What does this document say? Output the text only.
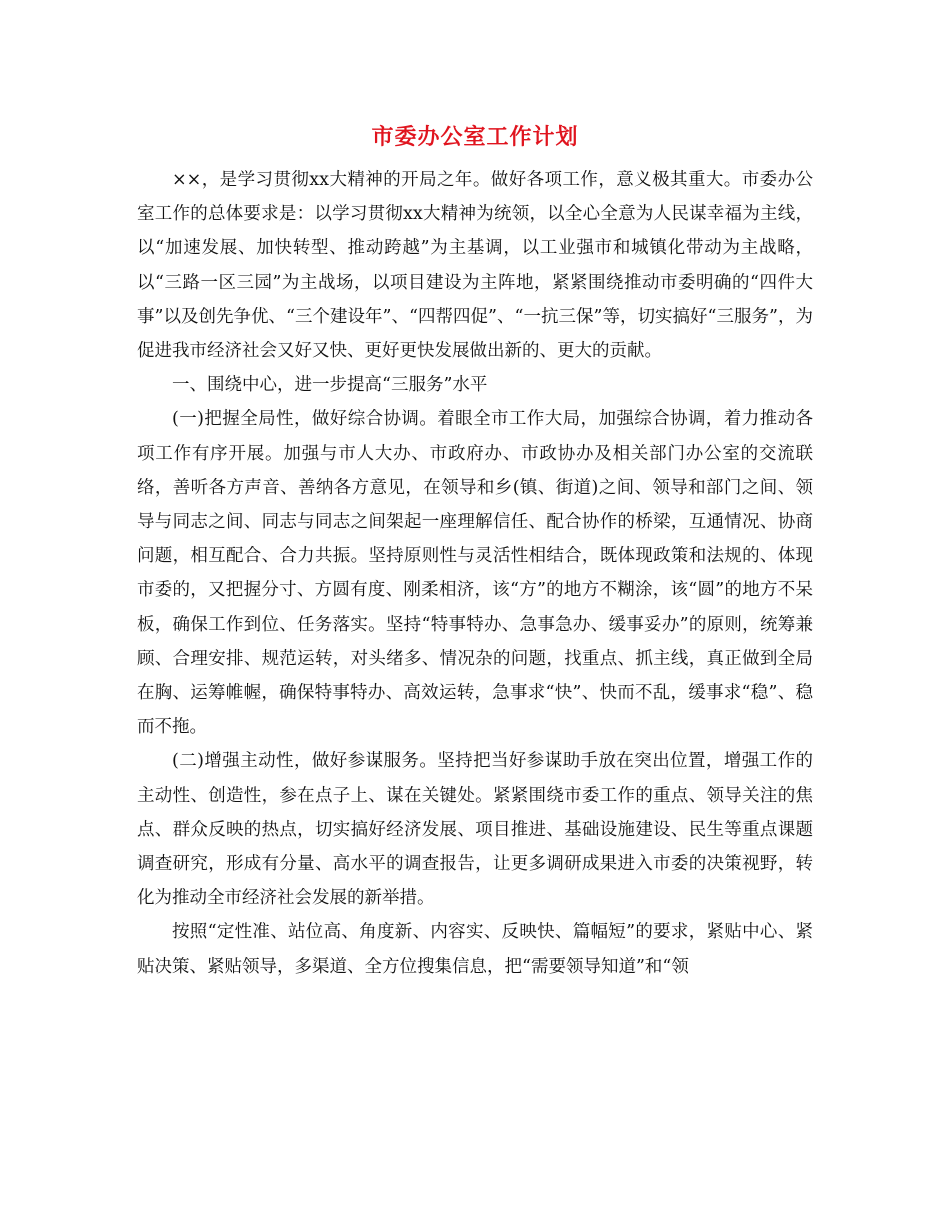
市委办公室工作计划

××，是学习贯彻xx大精神的开局之年。做好各项工作，意义极其重大。市委办公室工作的总体要求是：以学习贯彻xx大精神为统领，以全心全意为人民谋幸福为主线，以“加速发展、加快转型、推动跨越”为主基调，以工业强市和城镇化带动为主战略，以“三路一区三园”为主战场，以项目建设为主阵地，紧紧围绕推动市委明确的“四件大事”以及创先争优、“三个建设年”、“四帮四促”、“一抗三保”等，切实搞好“三服务”，为促进我市经济社会又好又快、更好更快发展做出新的、更大的贡献。

一、围绕中心，进一步提高“三服务”水平

(一)把握全局性，做好综合协调。着眼全市工作大局，加强综合协调，着力推动各项工作有序开展。加强与市人大办、市政府办、市政协办及相关部门办公室的交流联络，善听各方声音、善纳各方意见，在领导和乡(镇、街道)之间、领导和部门之间、领导与同志之间、同志与同志之间架起一座理解信任、配合协作的桥梁，互通情况、协商问题，相互配合、合力共振。坚持原则性与灵活性相结合，既体现政策和法规的、体现市委的，又把握分寸、方圆有度、刚柔相济，该“方”的地方不糊涂，该“圆”的地方不呆板，确保工作到位、任务落实。坚持“特事特办、急事急办、缓事妥办”的原则，统筹兼顾、合理安排、规范运转，对头绪多、情况杂的问题，找重点、抓主线，真正做到全局在胸、运筹帷幄，确保特事特办、高效运转，急事求“快”、快而不乱，缓事求“稳”、稳而不拖。

(二)增强主动性，做好参谋服务。坚持把当好参谋助手放在突出位置，增强工作的主动性、创造性，参在点子上、谋在关键处。紧紧围绕市委工作的重点、领导关注的焦点、群众反映的热点，切实搞好经济发展、项目推进、基础设施建设、民生等重点课题调查研究，形成有分量、高水平的调查报告，让更多调研成果进入市委的决策视野，转化为推动全市经济社会发展的新举措。

按照“定性准、站位高、角度新、内容实、反映快、篇幅短”的要求，紧贴中心、紧贴决策、紧贴领导，多渠道、全方位搜集信息，把“需要领导知道”和“领
